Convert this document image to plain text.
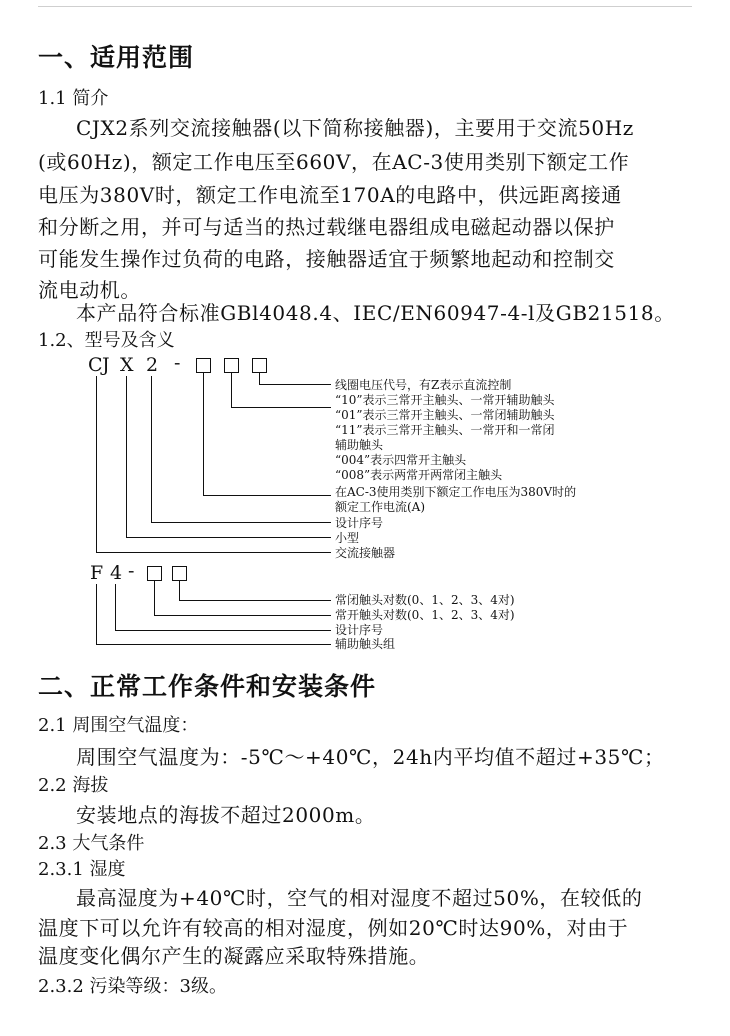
一、适用范围
1.1 简介
CJX2系列交流接触器(以下简称接触器)，主要用于交流50Hz
(或60Hz)，额定工作电压至660V，在AC-3使用类别下额定工作
电压为380V时，额定工作电流至170A的电路中，供远距离接通
和分断之用，并可与适当的热过载继电器组成电磁起动器以保护
可能发生操作过负荷的电路，接触器适宜于频繁地起动和控制交
流电动机。
本产品符合标准GBl4048.4、IEC/EN60947-4-l及GB21518。
1.2、型号及含义
C J X 2 -
线圈电压代号，有Z表示直流控制
“10”表示三常开主触头、一常开辅助触头
“01”表示三常开主触头、一常闭辅助触头
“11”表示三常开主触头、一常开和一常闭
辅助触头
“004”表示四常开主触头
“008”表示两常开两常闭主触头
在AC-3使用类别下额定工作电压为380V时的
额定工作电流(A)
设计序号
小型
交流接触器
F 4 -
常闭触头对数(0、1、2、3、4对)
常开触头对数(0、1、2、3、4对)
设计序号
辅助触头组
二、正常工作条件和安装条件
2.1 周围空气温度：
周围空气温度为：-5℃～+40℃，24h内平均值不超过+35℃；
2.2 海拔
安装地点的海拔不超过2000m。
2.3 大气条件
2.3.1 湿度
最高湿度为+40℃时，空气的相对湿度不超过50%，在较低的
温度下可以允许有较高的相对湿度，例如20℃时达90%，对由于
温度变化偶尔产生的凝露应采取特殊措施。
2.3.2 污染等级：3级。
